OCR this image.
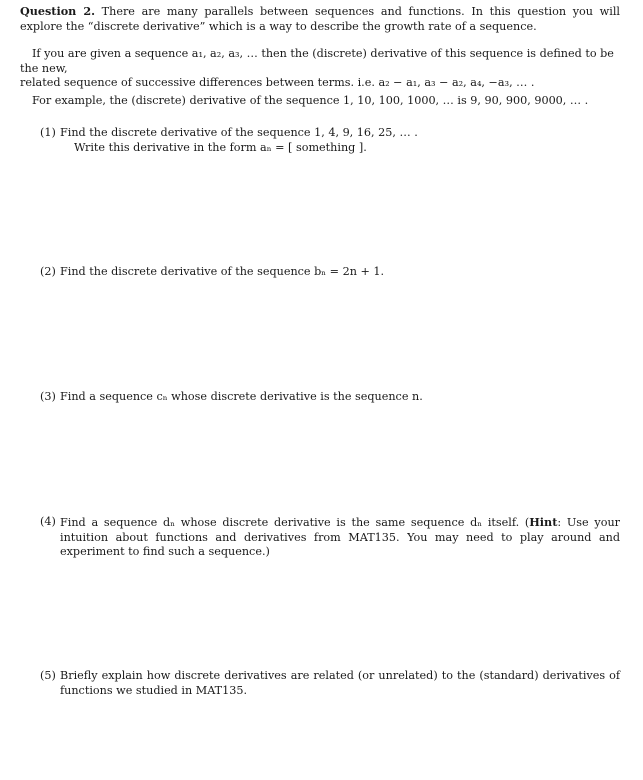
Question 2. There are many parallels between sequences and functions. In this question you will explore the “discrete derivative” which is a way to describe the growth rate of a sequence.
If you are given a sequence a₁, a₂, a₃, … then the (discrete) derivative of this sequence is defined to be the new,
related sequence of successive differences between terms. i.e. a₂ − a₁, a₃ − a₂, a₄, −a₃, … .
For example, the (discrete) derivative of the sequence 1, 10, 100, 1000, … is 9, 90, 900, 9000, … .
(1) Find the discrete derivative of the sequence 1, 4, 9, 16, 25, … .
Write this derivative in the form aₙ = [ something ].
(2) Find the discrete derivative of the sequence bₙ = 2n + 1.
(3) Find a sequence cₙ whose discrete derivative is the sequence n.
(4) Find a sequence dₙ whose discrete derivative is the same sequence dₙ itself. (Hint: Use your intuition about functions and derivatives from MAT135. You may need to play around and experiment to find such a sequence.)
(5) Briefly explain how discrete derivatives are related (or unrelated) to the (standard) derivatives of functions we studied in MAT135.
